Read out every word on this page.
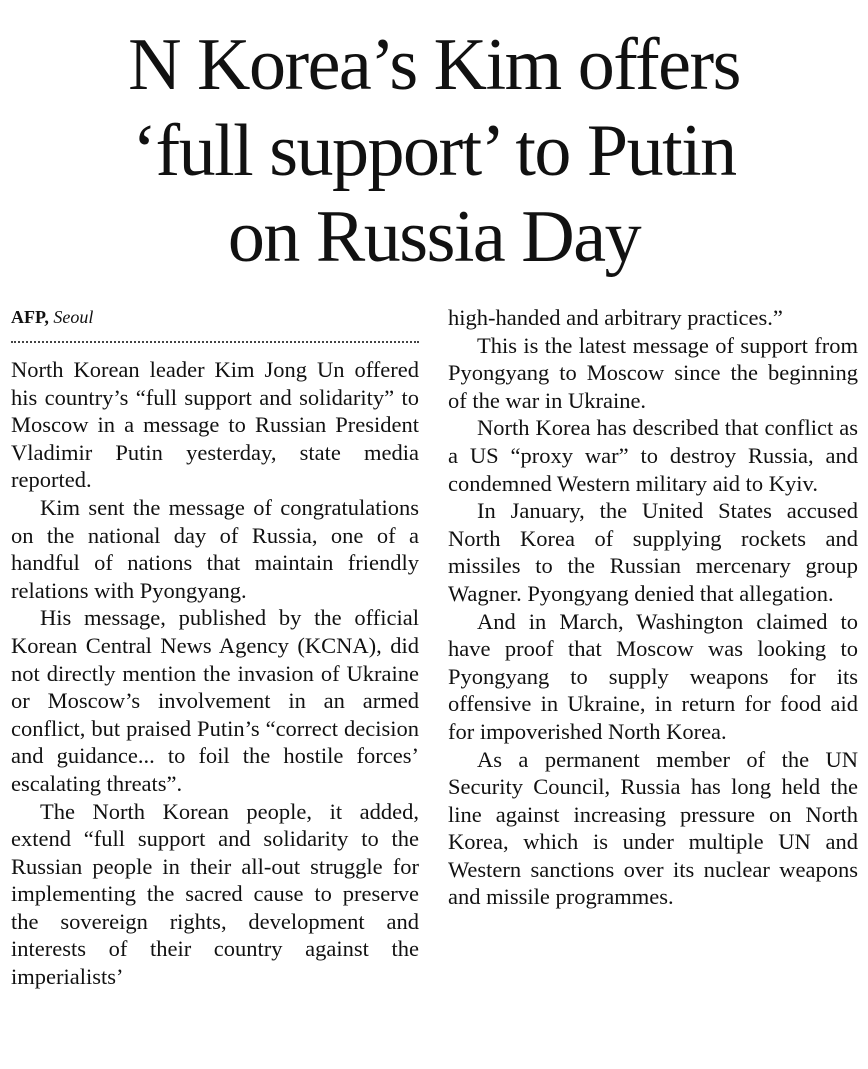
N Korea’s Kim offers
‘full support’ to Putin
on Russia Day
AFP, Seoul

North Korean leader Kim Jong Un offered his country’s “full support and solidarity” to Moscow in a message to Russian President Vladimir Putin yesterday, state media reported.

Kim sent the message of congratulations on the national day of Russia, one of a handful of nations that maintain friendly relations with Pyongyang.

His message, published by the official Korean Central News Agency (KCNA), did not directly mention the invasion of Ukraine or Moscow’s involvement in an armed conflict, but praised Putin’s “correct decision and guidance... to foil the hostile forces’ escalating threats”.

The North Korean people, it added, extend “full support and solidarity to the Russian people in their all-out struggle for implementing the sacred cause to preserve the sovereign rights, development and interests of their country against the imperialists’

high-handed and arbitrary practices.”

This is the latest message of support from Pyongyang to Moscow since the beginning of the war in Ukraine.

North Korea has described that conflict as a US “proxy war” to destroy Russia, and condemned Western military aid to Kyiv.

In January, the United States accused North Korea of supplying rockets and missiles to the Russian mercenary group Wagner. Pyongyang denied that allegation.

And in March, Washington claimed to have proof that Moscow was looking to Pyongyang to supply weapons for its offensive in Ukraine, in return for food aid for impoverished North Korea.

As a permanent member of the UN Security Council, Russia has long held the line against increasing pressure on North Korea, which is under multiple UN and Western sanctions over its nuclear weapons and missile programmes.
